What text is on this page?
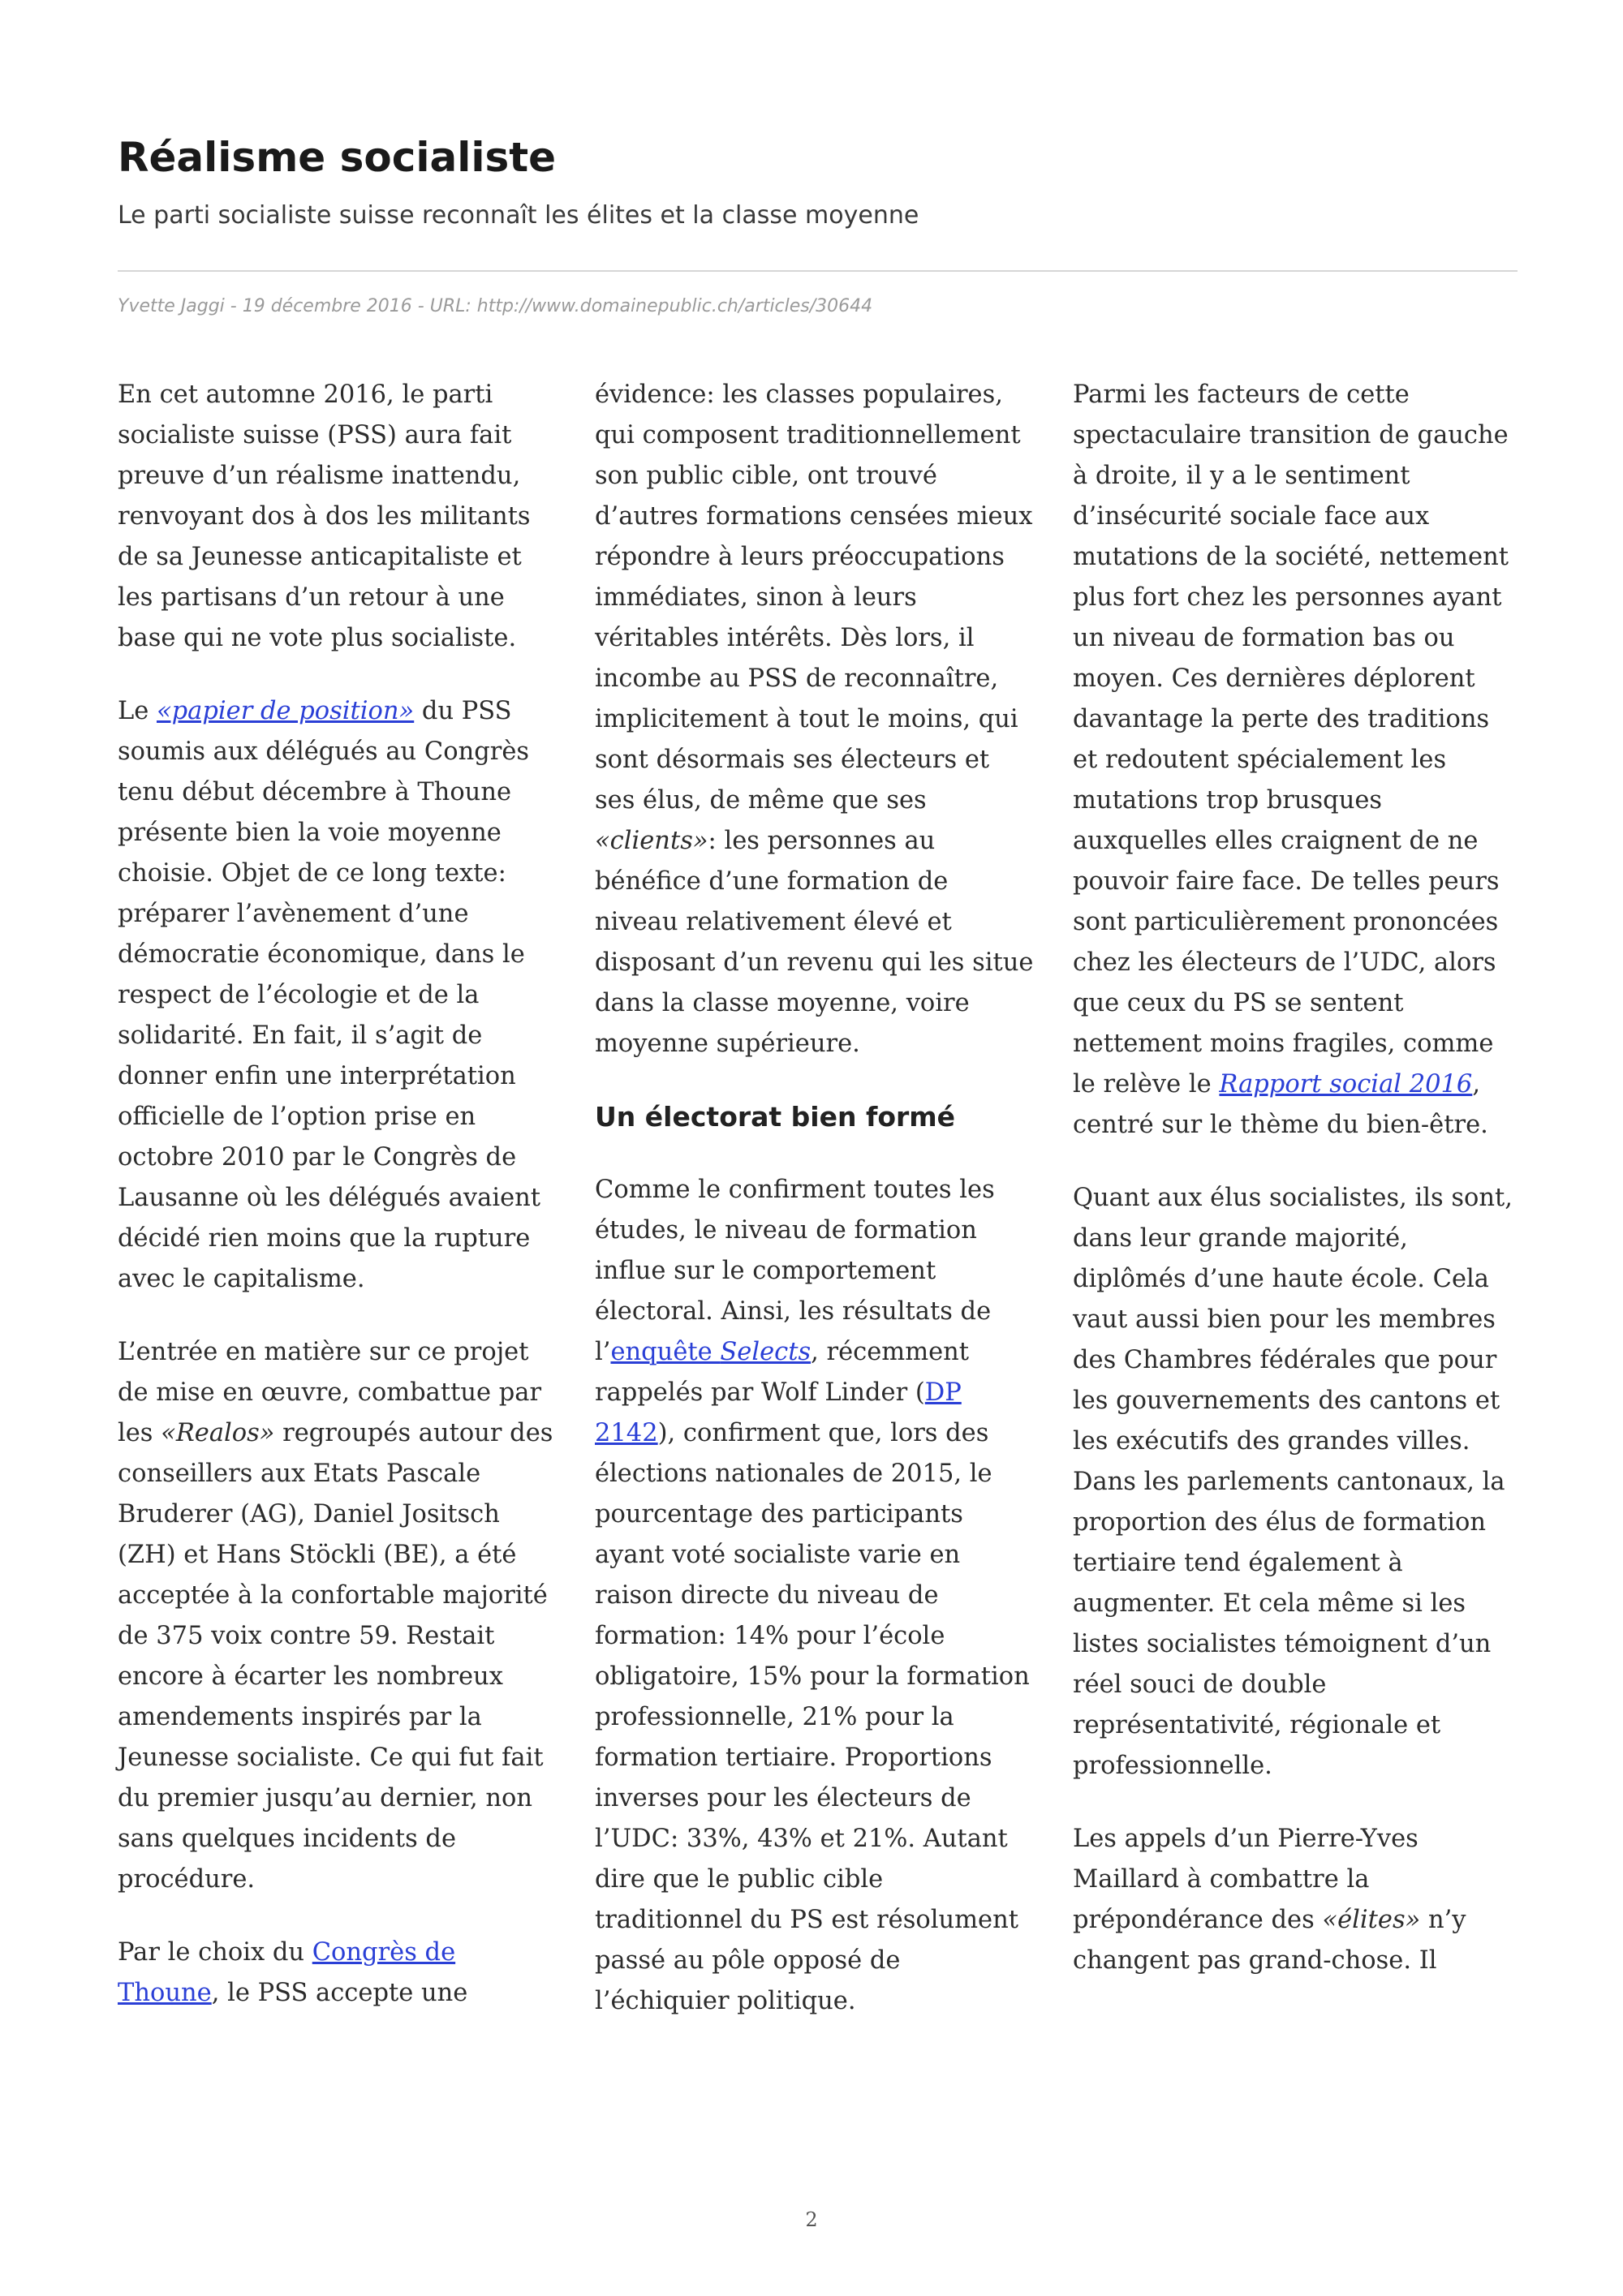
Réalisme socialiste
Le parti socialiste suisse reconnaît les élites et la classe moyenne
Yvette Jaggi - 19 décembre 2016 - URL: http://www.domainepublic.ch/articles/30644

En cet automne 2016, le parti socialiste suisse (PSS) aura fait preuve d’un réalisme inattendu, renvoyant dos à dos les militants de sa Jeunesse anticapitaliste et les partisans d’un retour à une base qui ne vote plus socialiste.

Le «papier de position» du PSS soumis aux délégués au Congrès tenu début décembre à Thoune présente bien la voie moyenne choisie. Objet de ce long texte: préparer l’avènement d’une démocratie économique, dans le respect de l’écologie et de la solidarité. En fait, il s’agit de donner enfin une interprétation officielle de l’option prise en octobre 2010 par le Congrès de Lausanne où les délégués avaient décidé rien moins que la rupture avec le capitalisme.

L’entrée en matière sur ce projet de mise en œuvre, combattue par les «Realos» regroupés autour des conseillers aux Etats Pascale Bruderer (AG), Daniel Jositsch (ZH) et Hans Stöckli (BE), a été acceptée à la confortable majorité de 375 voix contre 59. Restait encore à écarter les nombreux amendements inspirés par la Jeunesse socialiste. Ce qui fut fait du premier jusqu’au dernier, non sans quelques incidents de procédure.

Par le choix du Congrès de Thoune, le PSS accepte une

évidence: les classes populaires, qui composent traditionnellement son public cible, ont trouvé d’autres formations censées mieux répondre à leurs préoccupations immédiates, sinon à leurs véritables intérêts. Dès lors, il incombe au PSS de reconnaître, implicitement à tout le moins, qui sont désormais ses électeurs et ses élus, de même que ses «clients»: les personnes au bénéfice d’une formation de niveau relativement élevé et disposant d’un revenu qui les situe dans la classe moyenne, voire moyenne supérieure.

Un électorat bien formé

Comme le confirment toutes les études, le niveau de formation influe sur le comportement électoral. Ainsi, les résultats de l’enquête Selects, récemment rappelés par Wolf Linder (DP 2142), confirment que, lors des élections nationales de 2015, le pourcentage des participants ayant voté socialiste varie en raison directe du niveau de formation: 14% pour l’école obligatoire, 15% pour la formation professionnelle, 21% pour la formation tertiaire. Proportions inverses pour les électeurs de l’UDC: 33%, 43% et 21%. Autant dire que le public cible traditionnel du PS est résolument passé au pôle opposé de l’échiquier politique.

Parmi les facteurs de cette spectaculaire transition de gauche à droite, il y a le sentiment d’insécurité sociale face aux mutations de la société, nettement plus fort chez les personnes ayant un niveau de formation bas ou moyen. Ces dernières déplorent davantage la perte des traditions et redoutent spécialement les mutations trop brusques auxquelles elles craignent de ne pouvoir faire face. De telles peurs sont particulièrement prononcées chez les électeurs de l’UDC, alors que ceux du PS se sentent nettement moins fragiles, comme le relève le Rapport social 2016, centré sur le thème du bien-être.

Quant aux élus socialistes, ils sont, dans leur grande majorité, diplômés d’une haute école. Cela vaut aussi bien pour les membres des Chambres fédérales que pour les gouvernements des cantons et les exécutifs des grandes villes. Dans les parlements cantonaux, la proportion des élus de formation tertiaire tend également à augmenter. Et cela même si les listes socialistes témoignent d’un réel souci de double représentativité, régionale et professionnelle.

Les appels d’un Pierre-Yves Maillard à combattre la prépondérance des «élites» n’y changent pas grand-chose. Il

2
